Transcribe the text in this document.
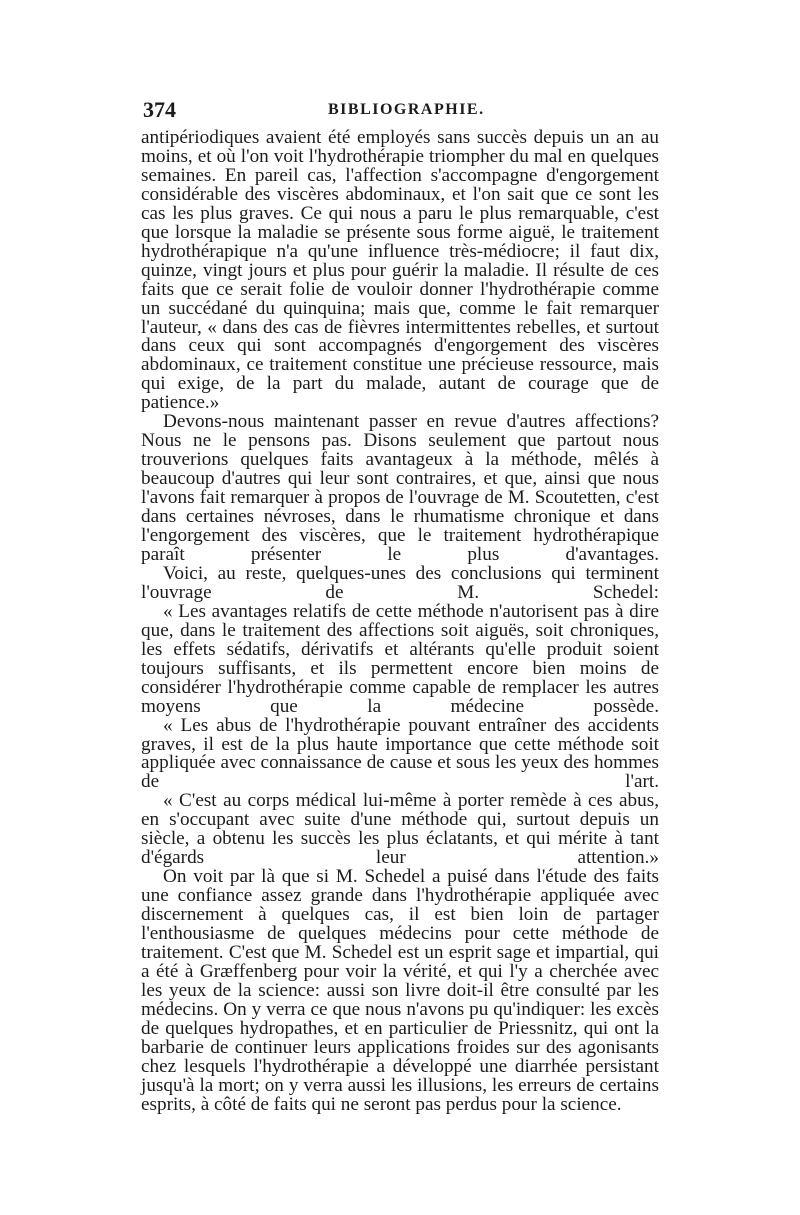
374	BIBLIOGRAPHIE.

antipériodiques avaient été employés sans succès depuis un an au moins, et où l'on voit l'hydrothérapie triompher du mal en quelques semaines. En pareil cas, l'affection s'accompagne d'engorgement considérable des viscères abdominaux, et l'on sait que ce sont les cas les plus graves. Ce qui nous a paru le plus remarquable, c'est que lorsque la maladie se présente sous forme aiguë, le traitement hydrothérapique n'a qu'une influence très-médiocre; il faut dix, quinze, vingt jours et plus pour guérir la maladie. Il résulte de ces faits que ce serait folie de vouloir donner l'hydrothérapie comme un succédané du quinquina; mais que, comme le fait remarquer l'auteur, « dans des cas de fièvres intermittentes rebelles, et surtout dans ceux qui sont accompagnés d'engorgement des viscères abdominaux, ce traitement constitue une précieuse ressource, mais qui exige, de la part du malade, autant de courage que de patience.»

Devons-nous maintenant passer en revue d'autres affections? Nous ne le pensons pas. Disons seulement que partout nous trouverions quelques faits avantageux à la méthode, mêlés à beaucoup d'autres qui leur sont contraires, et que, ainsi que nous l'avons fait remarquer à propos de l'ouvrage de M. Scoutetten, c'est dans certaines névroses, dans le rhumatisme chronique et dans l'engorgement des viscères, que le traitement hydrothérapique paraît présenter le plus d'avantages.

Voici, au reste, quelques-unes des conclusions qui terminent l'ouvrage de M. Schedel:

« Les avantages relatifs de cette méthode n'autorisent pas à dire que, dans le traitement des affections soit aiguës, soit chroniques, les effets sédatifs, dérivatifs et altérants qu'elle produit soient toujours suffisants, et ils permettent encore bien moins de considérer l'hydrothérapie comme capable de remplacer les autres moyens que la médecine possède.

« Les abus de l'hydrothérapie pouvant entraîner des accidents graves, il est de la plus haute importance que cette méthode soit appliquée avec connaissance de cause et sous les yeux des hommes de l'art.

« C'est au corps médical lui-même à porter remède à ces abus, en s'occupant avec suite d'une méthode qui, surtout depuis un siècle, a obtenu les succès les plus éclatants, et qui mérite à tant d'égards leur attention.»

On voit par là que si M. Schedel a puisé dans l'étude des faits une confiance assez grande dans l'hydrothérapie appliquée avec discernement à quelques cas, il est bien loin de partager l'enthousiasme de quelques médecins pour cette méthode de traitement. C'est que M. Schedel est un esprit sage et impartial, qui a été à Græffenberg pour voir la vérité, et qui l'y a cherchée avec les yeux de la science: aussi son livre doit-il être consulté par les médecins. On y verra ce que nous n'avons pu qu'indiquer: les excès de quelques hydropathes, et en particulier de Priessnitz, qui ont la barbarie de continuer leurs applications froides sur des agonisants chez lesquels l'hydrothérapie a développé une diarrhée persistant jusqu'à la mort; on y verra aussi les illusions, les erreurs de certains esprits, à côté de faits qui ne seront pas perdus pour la science.
